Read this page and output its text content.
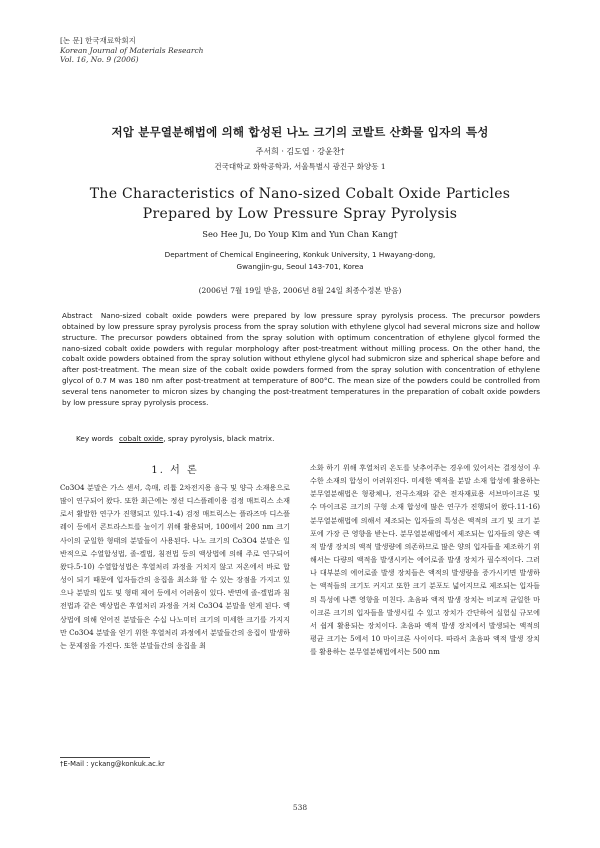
[논 문] 한국재료학회지
Korean Journal of Materials Research
Vol. 16, No. 9 (2006)
저압 분무열분해법에 의해 합성된 나노 크기의 코발트 산화물 입자의 특성
주서희 · 김도엽 · 강윤찬†
건국대학교 화학공학과, 서울특별시 광진구 화양동 1
The Characteristics of Nano-sized Cobalt Oxide Particles
Prepared by Low Pressure Spray Pyrolysis
Seo Hee Ju, Do Youp Kim and Yun Chan Kang†
Department of Chemical Engineering, Konkuk University, 1 Hwayang-dong,
Gwangjin-gu, Seoul 143-701, Korea
(2006년 7월 19일 받음, 2006년 8월 24일 최종수정본 받음)
Abstract Nano-sized cobalt oxide powders were prepared by low pressure spray pyrolysis process. The precursor powders obtained by low pressure spray pyrolysis process from the spray solution with ethylene glycol had several microns size and hollow structure. The precursor powders obtained from the spray solution with optimum concentration of ethylene glycol formed the nano-sized cobalt oxide powders with regular morphology after post-treatment without milling process. On the other hand, the cobalt oxide powders obtained from the spray solution without ethylene glycol had submicron size and spherical shape before and after post-treatment. The mean size of the cobalt oxide powders formed from the spray solution with concentration of ethylene glycol of 0.7 M was 180 nm after post-treatment at temperature of 800°C. The mean size of the powders could be controlled from several tens nanometer to micron sizes by changing the post-treatment temperatures in the preparation of cobalt oxide powders by low pressure spray pyrolysis process.
Key words cobalt oxide, spray pyrolysis, black matrix.
1. 서 론
Co3O4 분말은 가스 센서, 촉매, 리튬 2차전지용 음극 및 양극 소재용으로 많이 연구되어 왔다. 또한 최근에는 정션 디스플레이용 검정 매트릭스 소재로서 활발한 연구가 진행되고 있다.1-4) 검정 매트릭스는 플라즈마 디스플레이 등에서 콘트라스트를 높이기 위해 활용되며, 100에서 200 nm 크기 사이의 균일한 형태의 분말들이 사용된다. 나노 크기의 Co3O4 분말은 일반적으로 수열합성법, 졸-겔법, 침전법 등의 액상법에 의해 주로 연구되어 왔다.5-10) 수열합성법은 후열처리 과정을 거치지 않고 저온에서 바로 합성이 되기 때문에 입자들간의 응집을 최소화 할 수 있는 장점을 가지고 있으나 분말의 입도 및 형태 제어 등에서 어려움이 있다. 반면에 졸-겔법과 침전법과 같은 액상법은 후열처리 과정을 거쳐 Co3O4 분말을 얻게 된다. 액상법에 의해 얻어진 분말들은 수십 나노미터 크기의 미세한 크기를 가지지만 Co3O4 분말을 얻기 위한 후열처리 과정에서 분말들간의 응집이 발생하는 문제점을 가진다. 또한 분말들간의 응집을 최
소화 하기 위해 후열처리 온도를 낮추어주는 경우에 있어서는 결정성이 우수한 소재의 합성이 어려워진다. 미세한 액적을 분말 소재 합성에 활용하는 분무열분해법은 형광체나, 전극소재와 같은 전자재료용 서브마이크론 및 수 마이크론 크기의 구형 소재 합성에 많은 연구가 진행되어 왔다.11-16) 분무열분해법에 의해서 제조되는 입자들의 특성은 액적의 크기 및 크기 분포에 가장 큰 영향을 받는다. 분무열분해법에서 제조되는 입자들의 양은 액적 발생 장치의 액적 발생량에 의존하므로 많은 양의 입자들을 제조하기 위해서는 다량의 액적을 발생시키는 에어로졸 발생 장치가 필수적이다. 그러나 대부분의 에어로졸 발생 장치들은 액적의 발생량을 증가시키면 발생하는 액적들의 크기도 커지고 또한 크기 분포도 넓어지므로 제조되는 입자들의 특성에 나쁜 영향을 미친다. 초음파 액적 발생 장치는 비교적 균일한 마이크론 크기의 입자들을 발생시킬 수 있고 장치가 간단하여 실험실 규모에서 쉽게 활용되는 장치이다. 초음파 액적 발생 장치에서 발생되는 액적의 평균 크기는 5에서 10 마이크론 사이이다. 따라서 초음파 액적 발생 장치를 활용하는 분무열분해법에서는 500 nm
†E-Mail : yckang@konkuk.ac.kr
538
